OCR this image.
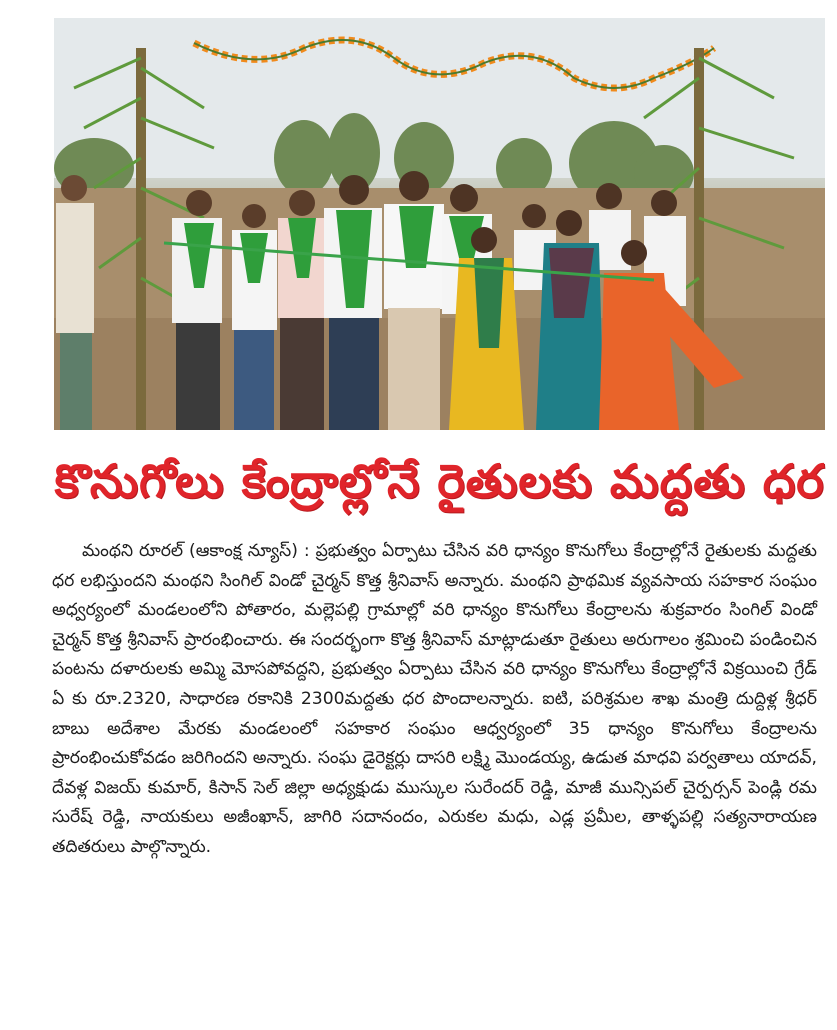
కొనుగోలు కేంద్రాల్లోనే రైతులకు మద్దతు ధర
మంథని రూరల్ (ఆకాంక్ష న్యూస్) : ప్రభుత్వం ఏర్పాటు చేసిన వరి ధాన్యం కొనుగోలు కేంద్రాల్లోనే రైతులకు మద్దతు ధర లభిస్తుందని మంథని సింగిల్ విండో చైర్మన్ కొత్త శ్రీనివాస్ అన్నారు. మంథని ప్రాథమిక వ్యవసాయ సహకార సంఘం అధ్వర్యంలో మండలంలోని పోతారం, మల్లెపల్లి గ్రామాల్లో వరి ధాన్యం కొనుగోలు కేంద్రాలను శుక్రవారం సింగిల్ విండో చైర్మన్ కొత్త శ్రీనివాస్ ప్రారంభించారు. ఈ సందర్భంగా కొత్త శ్రీనివాస్ మాట్లాడుతూ రైతులు అరుగాలం శ్రమించి పండించిన పంటను దళారులకు అమ్మి మోసపోవద్దని, ప్రభుత్వం ఏర్పాటు చేసిన వరి ధాన్యం కొనుగోలు కేంద్రాల్లోనే విక్రయించి గ్రేడ్ ఏ కు రూ.2320, సాధారణ రకానికి 2300మద్దతు ధర పొందాలన్నారు. ఐటి, పరిశ్రమల శాఖ మంత్రి దుద్దిళ్ల శ్రీధర్ బాబు అదేశాల మేరకు మండలంలో సహకార సంఘం ఆధ్వర్యంలో 35 ధాన్యం కొనుగోలు కేంద్రాలను ప్రారంభించుకోవడం జరిగిందని అన్నారు. సంఘ డైరెక్టర్లు దాసరి లక్ష్మి మొండయ్య, ఉడుత మాధవి పర్వతాలు యాదవ్, దేవళ్ల విజయ్ కుమార్, కిసాన్ సెల్ జిల్లా అధ్యక్షుడు ముస్కుల సురేందర్ రెడ్డి, మాజీ మున్సిపల్ చైర్పర్సన్ పెండ్లి రమ సురేష్ రెడ్డి, నాయకులు అజీంఖాన్, జాగిరి సదానందం, ఎరుకల మధు, ఎడ్ల ప్రమీల, తాళ్ళపల్లి సత్యనారాయణ తదితరులు పాల్గొన్నారు.
